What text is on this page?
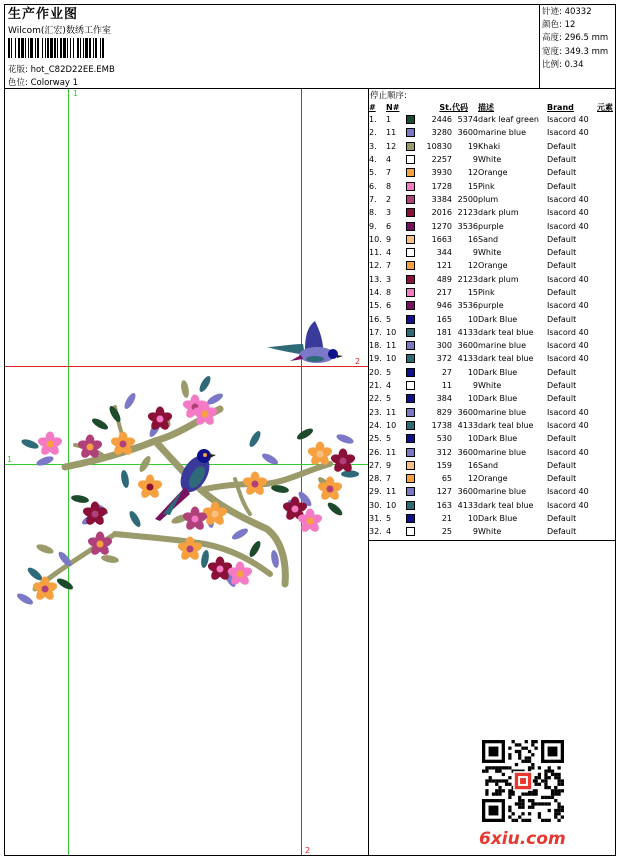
生产作业图
Wilcom(汇宏)数绣工作室
花版: hot_C82D22EE.EMB
色位: Colorway 1
针迹: 40332
颜色: 12
高度: 296.5 mm
宽度: 349.3 mm
比例: 0.34
1
2
1
2
停止顺序:
#	N#		St.	代码	描述	Brand	元素
1.	1		2446	5374	dark leaf green	Isacord 40	
2.	11		3280	3600	marine blue	Isacord 40	
3.	12		10830	19	Khaki	Default	
4.	4		2257	9	White	Default	
5.	7		3930	12	Orange	Default	
6.	8		1728	15	Pink	Default	
7.	2		3384	2500	plum	Isacord 40	
8.	3		2016	2123	dark plum	Isacord 40	
9.	6		1270	3536	purple	Isacord 40	
10.	9		1663	16	Sand	Default	
11.	4		344	9	White	Default	
12.	7		121	12	Orange	Default	
13.	3		489	2123	dark plum	Isacord 40	
14.	8		217	15	Pink	Default	
15.	6		946	3536	purple	Isacord 40	
16.	5		165	10	Dark Blue	Default	
17.	10		181	4133	dark teal blue	Isacord 40	
18.	11		300	3600	marine blue	Isacord 40	
19.	10		372	4133	dark teal blue	Isacord 40	
20.	5		27	10	Dark Blue	Default	
21.	4		11	9	White	Default	
22.	5		384	10	Dark Blue	Default	
23.	11		829	3600	marine blue	Isacord 40	
24.	10		1738	4133	dark teal blue	Isacord 40	
25.	5		530	10	Dark Blue	Default	
26.	11		312	3600	marine blue	Isacord 40	
27.	9		159	16	Sand	Default	
28.	7		65	12	Orange	Default	
29.	11		127	3600	marine blue	Isacord 40	
30.	10		163	4133	dark teal blue	Isacord 40	
31.	5		21	10	Dark Blue	Default	
32.	4		25	9	White	Default	
6xiu.com
